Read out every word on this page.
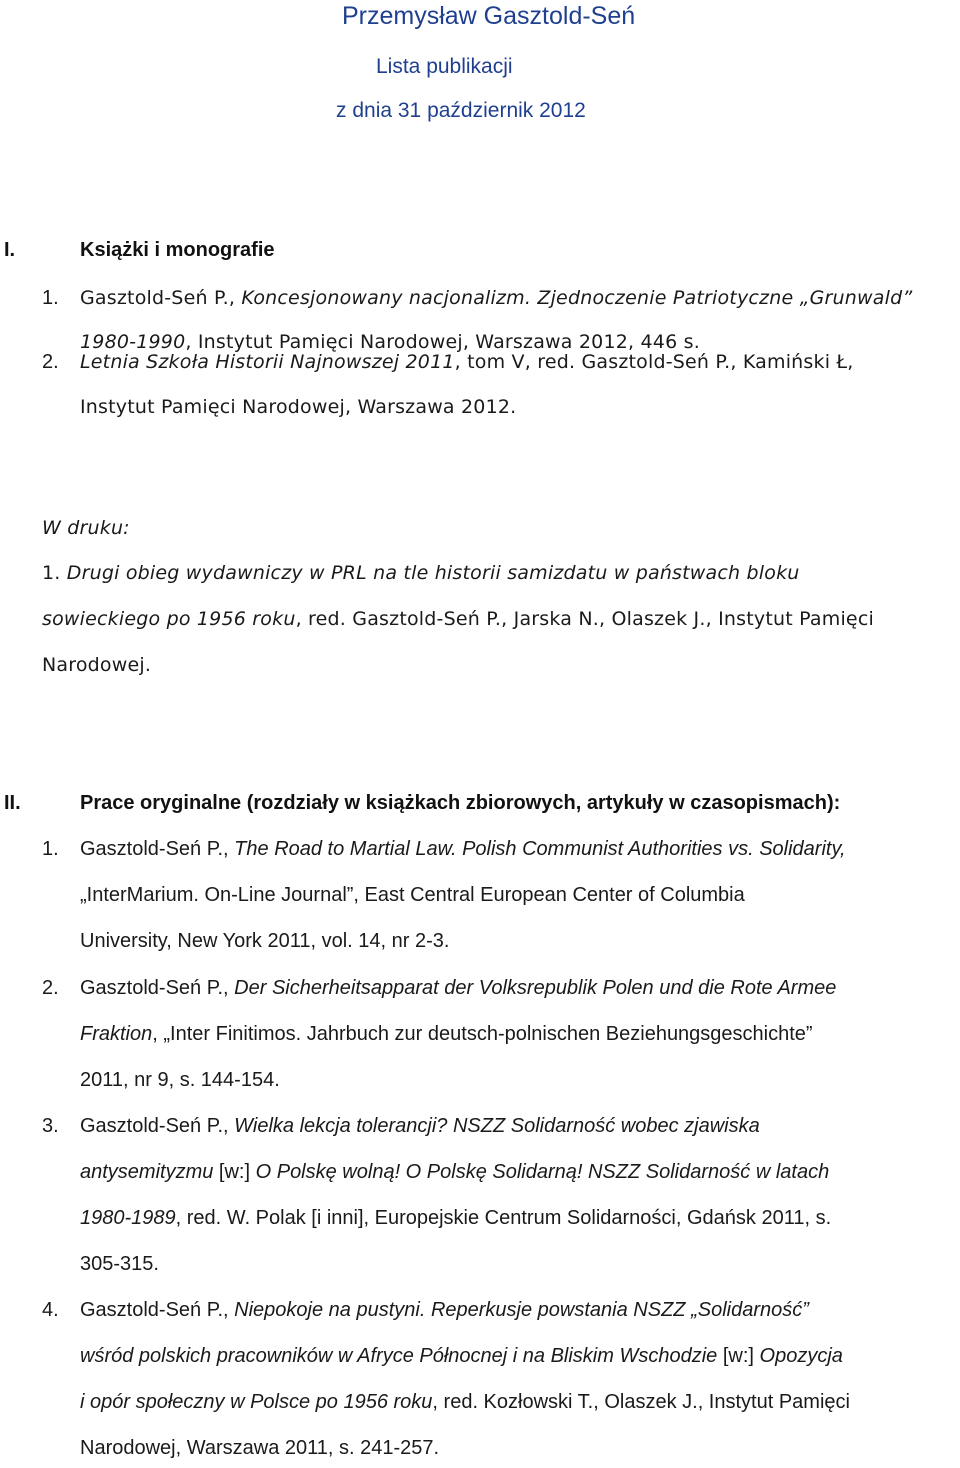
Przemysław Gasztold-Seń
Lista publikacji
z dnia 31 październik 2012
I.	Książki i monografie
1. Gasztold-Seń P., Koncesjonowany nacjonalizm. Zjednoczenie Patriotyczne „Grunwald”
1980-1990, Instytut Pamięci Narodowej, Warszawa 2012, 446 s.
2. Letnia Szkoła Historii Najnowszej 2011, tom V, red. Gasztold-Seń P., Kamiński Ł,
Instytut Pamięci Narodowej, Warszawa 2012.
W druku:
1. Drugi obieg wydawniczy w PRL na tle historii samizdatu w państwach bloku
sowieckiego po 1956 roku, red. Gasztold-Seń P., Jarska N., Olaszek J., Instytut Pamięci
Narodowej.
II.	Prace oryginalne (rozdziały w książkach zbiorowych, artykuły w czasopismach):
1. Gasztold-Seń P., The Road to Martial Law. Polish Communist Authorities vs. Solidarity,
„InterMarium. On-Line Journal”, East Central European Center of Columbia
University, New York 2011, vol. 14, nr 2-3.
2. Gasztold-Seń P., Der Sicherheitsapparat der Volksrepublik Polen und die Rote Armee
Fraktion, „Inter Finitimos. Jahrbuch zur deutsch-polnischen Beziehungsgeschichte”
2011, nr 9, s. 144-154.
3. Gasztold-Seń P., Wielka lekcja tolerancji? NSZZ Solidarność wobec zjawiska
antysemityzmu [w:] O Polskę wolną! O Polskę Solidarną! NSZZ Solidarność w latach
1980-1989, red. W. Polak [i inni], Europejskie Centrum Solidarności, Gdańsk 2011, s.
305-315.
4. Gasztold-Seń P., Niepokoje na pustyni. Reperkusje powstania NSZZ „Solidarność”
wśród polskich pracowników w Afryce Północnej i na Bliskim Wschodzie [w:] Opozycja
i opór społeczny w Polsce po 1956 roku, red. Kozłowski T., Olaszek J., Instytut Pamięci
Narodowej, Warszawa 2011, s. 241-257.
